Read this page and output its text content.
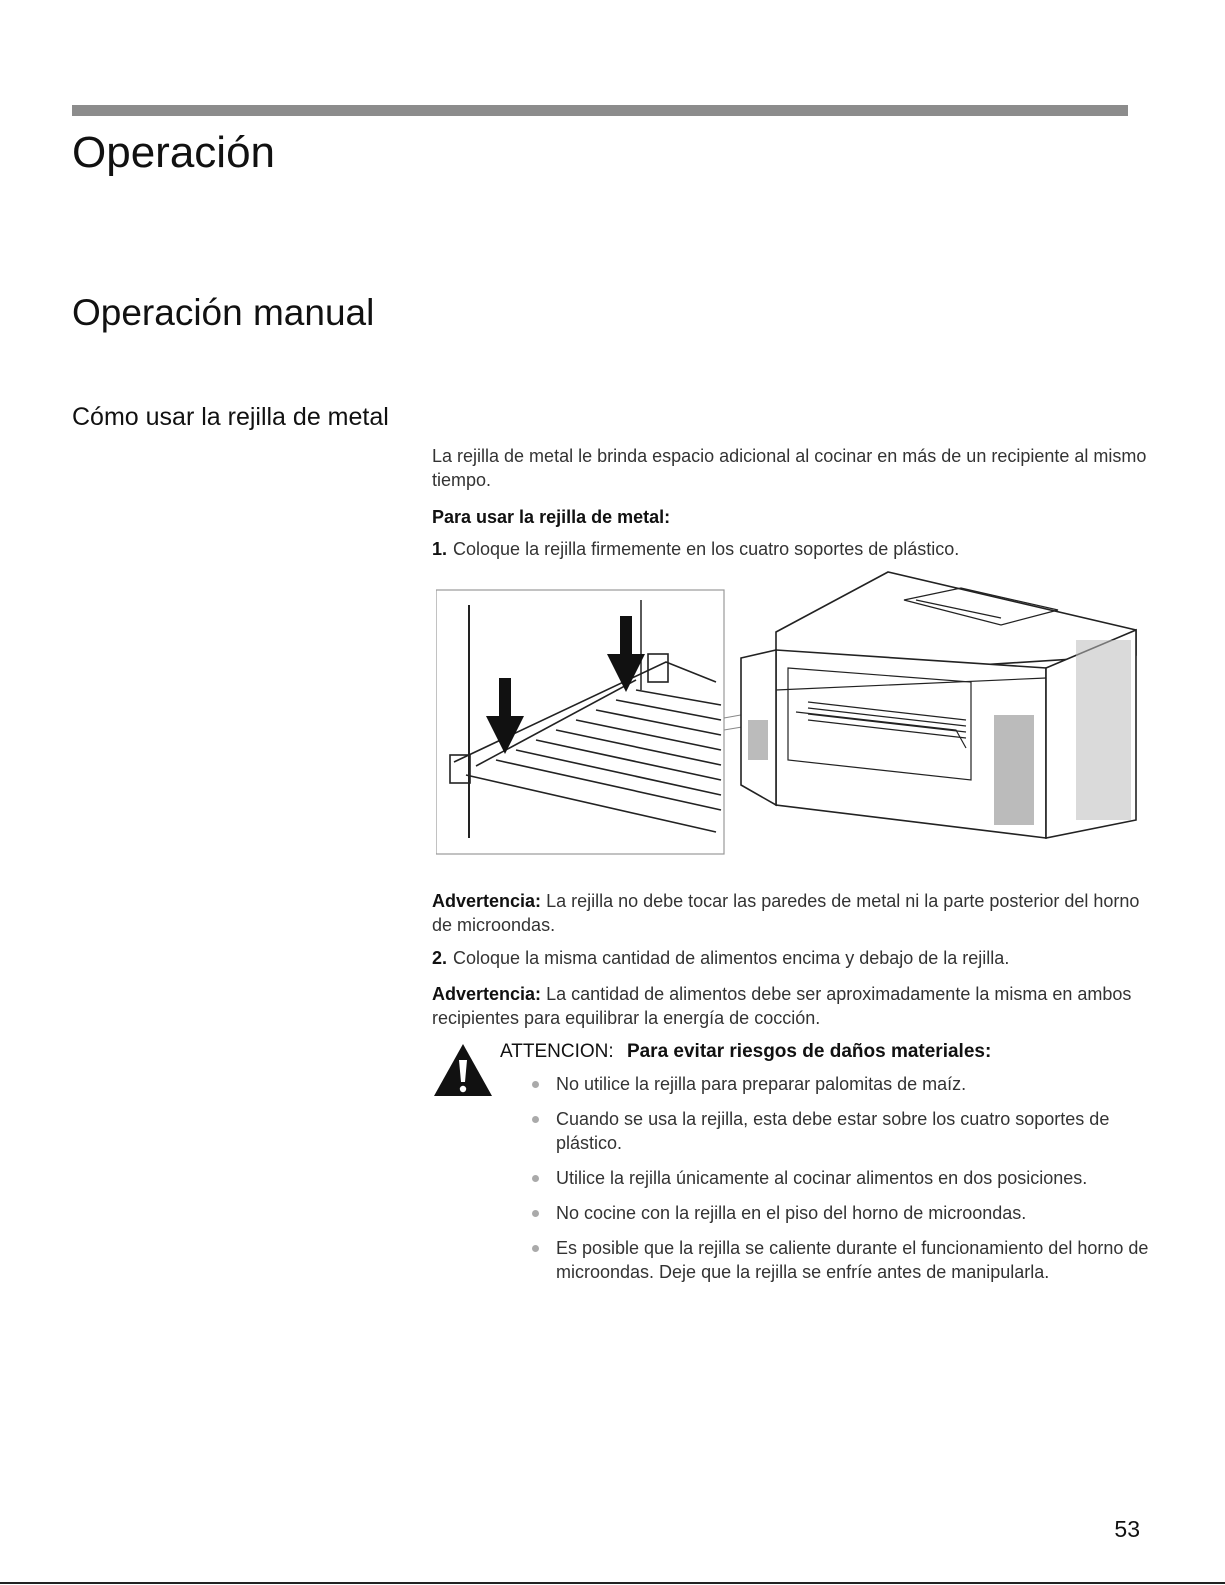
Operación
Operación manual
Cómo usar la rejilla de metal

La rejilla de metal le brinda espacio adicional al cocinar en más de un recipiente al mismo tiempo.

Para usar la rejilla de metal:

1. Coloque la rejilla firmemente en los cuatro soportes de plástico.

Advertencia: La rejilla no debe tocar las paredes de metal ni la parte posterior del horno de microondas.

2. Coloque la misma cantidad de alimentos encima y debajo de la rejilla.

Advertencia: La cantidad de alimentos debe ser aproximadamente la misma en ambos recipientes para equilibrar la energía de cocción.

ATTENCION: Para evitar riesgos de daños materiales:
No utilice la rejilla para preparar palomitas de maíz.
Cuando se usa la rejilla, esta debe estar sobre los cuatro soportes de plástico.
Utilice la rejilla únicamente al cocinar alimentos en dos posiciones.
No cocine con la rejilla en el piso del horno de microondas.
Es posible que la rejilla se caliente durante el funcionamiento del horno de microondas. Deje que la rejilla se enfríe antes de manipularla.
53
